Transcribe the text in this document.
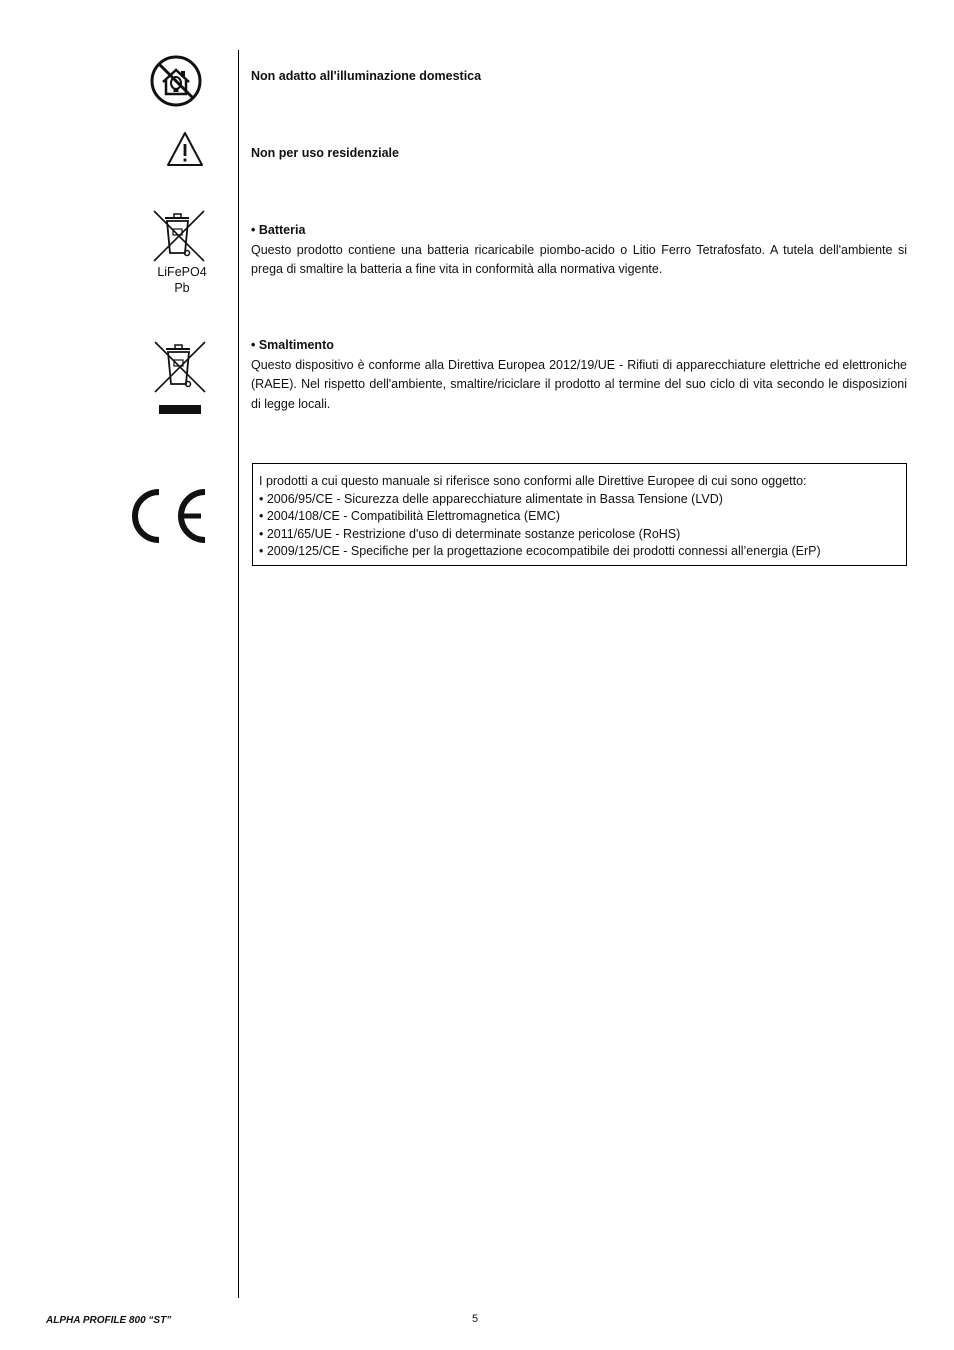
Non adatto all'illuminazione domestica
Non per uso residenziale
LiFePO4
Pb
• Batteria
Questo prodotto contiene una batteria ricaricabile piombo-acido o Litio Ferro Tetrafosfato. A tutela dell'ambiente si prega di smaltire la batteria a fine vita in conformità alla normativa vigente.
• Smaltimento
Questo dispositivo è conforme alla Direttiva Europea 2012/19/UE - Rifiuti di apparecchiature elettriche ed elettroniche (RAEE). Nel rispetto dell'ambiente, smaltire/riciclare il prodotto al termine del suo ciclo di vita secondo le disposizioni di legge locali.
I prodotti a cui questo manuale si riferisce sono conformi alle Direttive Europee di cui sono oggetto:
• 2006/95/CE - Sicurezza delle apparecchiature alimentate in Bassa Tensione (LVD)
• 2004/108/CE - Compatibilità Elettromagnetica (EMC)
• 2011/65/UE - Restrizione d'uso di determinate sostanze pericolose (RoHS)
• 2009/125/CE - Specifiche per la progettazione ecocompatibile dei prodotti connessi all’energia (ErP)
ALPHA PROFILE 800 “ST”	5
